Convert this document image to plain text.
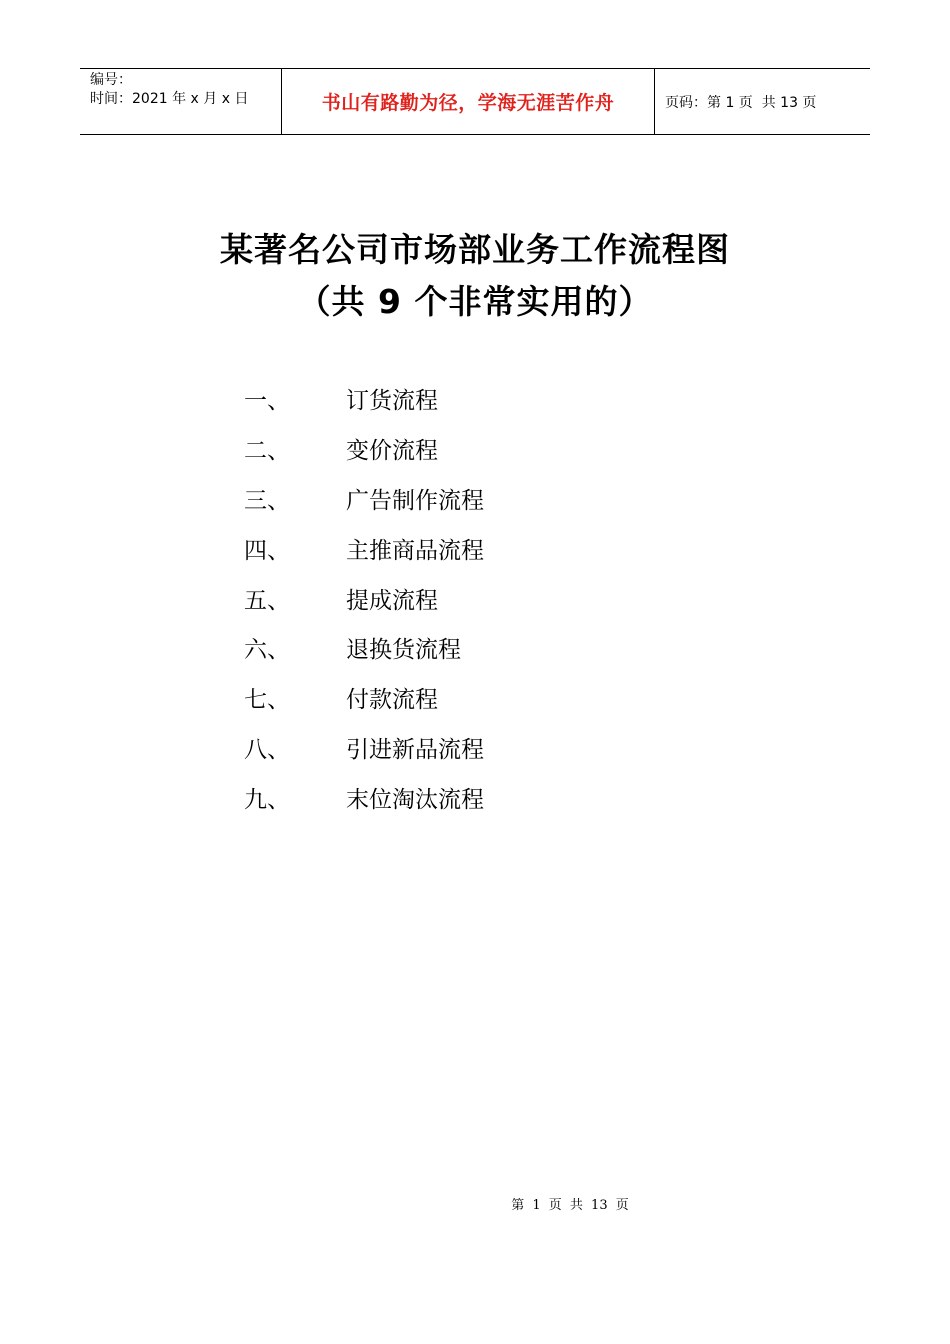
编号：
时间：2021 年 x 月 x 日	书山有路勤为径，学海无涯苦作舟	页码：第 1 页  共 13 页
某著名公司市场部业务工作流程图
（共 9 个非常实用的）
一、	订货流程
二、	变价流程
三、	广告制作流程
四、	主推商品流程
五、	提成流程
六、	退换货流程
七、	付款流程
八、	引进新品流程
九、	末位淘汰流程
第 1 页 共 13 页
